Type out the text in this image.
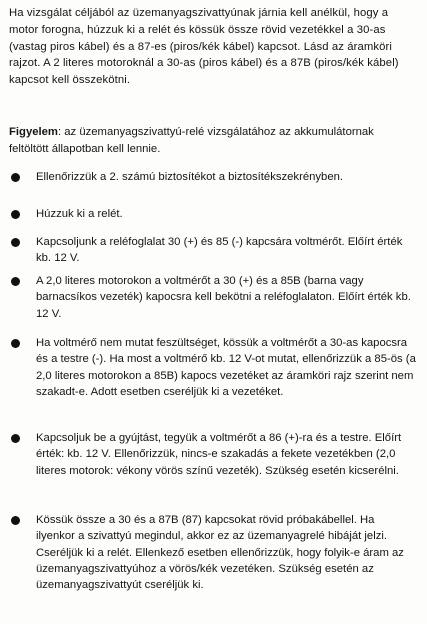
Ha vizsgálat céljából az üzemanyagszivattyúnak járnia kell anélkül, hogy a motor forogna, húzzuk ki a relét és kössük össze rövid vezetékkel a 30-as (vastag piros kábel) és a 87-es (piros/kék kábel) kapcsot. Lásd az áramköri rajzot. A 2 literes motoroknál a 30-as (piros kábel) és a 87B (piros/kék kábel) kapcsot kell összekötni.

Figyelem: az üzemanyagszivattyú-relé vizsgálatához az akkumulátornak feltöltött állapotban kell lennie.

Ellenőrizzük a 2. számú biztosítékot a biztosítékszekrényben.

Húzzuk ki a relét.

Kapcsoljunk a reléfoglalat 30 (+) és 85 (-) kapcsára voltmérőt. Előírt érték kb. 12 V.

A 2,0 literes motorokon a voltmérőt a 30 (+) és a 85B (barna vagy barnacsíkos vezeték) kapocsra kell bekötni a reléfoglalaton. Előírt érték kb. 12 V.

Ha voltmérő nem mutat feszültséget, kössük a voltmérőt a 30-as kapocsra és a testre (-). Ha most a voltmérő kb. 12 V-ot mutat, ellenőrizzük a 85-ös (a 2,0 literes motorokon a 85B) kapocs vezetéket az áramköri rajz szerint nem szakadt-e. Adott esetben cseréljük ki a vezetéket.

Kapcsoljuk be a gyújtást, tegyük a voltmérőt a 86 (+)-ra és a testre. Előírt érték: kb. 12 V. Ellenőrizzük, nincs-e szakadás a fekete vezetékben (2,0 literes motorok: vékony vörös színű vezeték). Szükség esetén kicserélni.

Kössük össze a 30 és a 87B (87) kapcsokat rövid próbakábellel. Ha ilyenkor a szivattyú megindul, akkor ez az üzemanyagrelé hibáját jelzi. Cseréljük ki a relét. Ellenkező esetben ellenőrizzük, hogy folyik-e áram az üzemanyagszivattyúhoz a vörös/kék vezetéken. Szükség esetén az üzemanyagszivattyút cseréljük ki.
